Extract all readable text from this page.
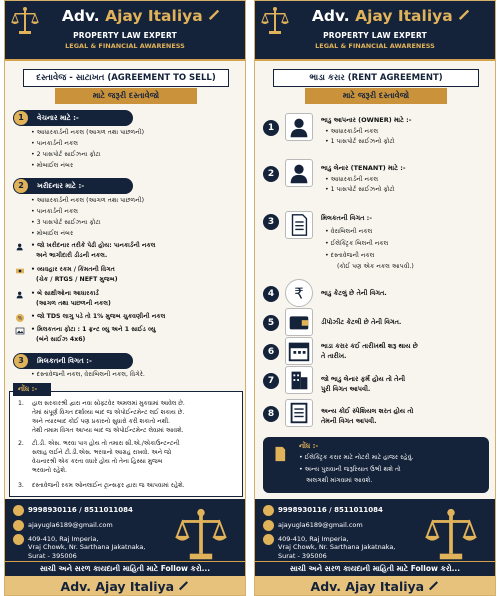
Adv. Ajay Italiya
PROPERTY LAW EXPERT
LEGAL & FINANCIAL AWARENESS
દસ્તાવેજ - સાટાખત (AGREEMENT TO SELL)
માટે જરૂરી દસ્તાવેજો
1	વેચનાર માટે :-
• આધારકાર્ડની નકલ (આગળ તથા પાછળની)
• પાનકાર્ડની નકલ
• 2 પાસપોર્ટ સાઈઝના ફોટા
• મોબાઈલ નંબર
2	ખરીદનાર માટે :-
• આધારકાર્ડની નકલ (આગળ તથા પાછળની)
• પાનકાર્ડની નકલ
• 3 પાસપોર્ટ સાઈઝના ફોટા
• મોબાઈલ નંબર
• જો ખરીદનાર તરીકે પેઢી હોય: પાનકાર્ડની નકલ
અને ભાગીદારી ડીડની નકલ.
• વ્યવહાર રકમ / કિંમતની વિગત
(ચેક / RTGS / NEFT મુજબ)
• બે સાક્ષીઓના આધારકાર્ડ
(આગળ તથા પાછળની નકલ)
%
•	જો TDS લાગુ પડે તો 1% મુજબ ચુકવણીની નકલ
• મિલકતના ફોટા : 1 ફ્રન્ટ વ્યુ અને 1 સાઈડ વ્યુ
(બંને સાઈઝ 4x6)
3	મિલકતની વિગત :-
• દસ્તાવેજની નકલ, વેરાબિલની નકલ, વિગેરે.
1. હાલ સરકારશ્રી દ્વારા નવા સોફ્ટવેર અમલમાં મુકવામાં આવેલ છે.
તેમાં સંપૂર્ણ વિગત દર્શાવ્યા બાદ જ એપોઈન્ટમેન્ટ લઈ શકાય છે.
અને ત્યારબાદ કોઈ પણ પ્રકારનો સુધારો કરી શકાતો નથી.
તેથી તમામ વિગત આપ્યા બાદ જ એપોઈન્ટમેન્ટ લેવામાં આવશે.
2. ટી.ડી. એસ. ભરવા પાત્ર હોય તો તમારા સી.એ./એકાઉન્ટન્ટની
સલાહ લઈને ટી.ડી.એસ. ભરવાનો આગ્રહ રાખવો. અને જો
વેચનારશ્રી એક કરતા વધારે હોય તો તેના હિસ્સા મુજબ
ભરવાનો રહેશે.
3. દસ્તાવેજની રકમ ઓનલાઈન ટ્રાન્સફર દ્વારા જ આપવામાં રહેશે.
નોંધ :-
9998930116 / 8511011084
ajayugla6189@gmail.com
409-410, Raj Imperia,
Vraj Chowk, Nr. Sarthana Jakatnaka,
Surat - 395006
સાચી અને સરળ કાયદાની માહિતી માટે Follow કરો...
Adv. Ajay Italiya
Adv. Ajay Italiya
PROPERTY LAW EXPERT
LEGAL & FINANCIAL AWARENESS
ભાડા કરાર (RENT AGREEMENT)
માટે જરૂરી દસ્તાવેજો
1
ભાડુ આપનાર (OWNER) માટે :-
• આધારકાર્ડની નકલ
• 1 પાસપોર્ટ સાઈઝનો ફોટો
2
ભાડુ લેનાર (TENANT) માટે :-
• આધારકાર્ડની નકલ
• 1 પાસપોર્ટ સાઈઝનો ફોટો
3	મિલકતની વિગત :-
• વેરાબિલની નકલ
• ઈલેક્ટ્રિક બિલની નકલ
• દસ્તાવેજની નકલ
(કોઈ પણ એક નકલ આપવી.)
4	₹	ભાડુ કેટલું છે તેની વિગત.
5	ડીપોઝીટ કેટલી છે તેની વિગત.
6
ભાડા કરાર કઈ તારીખથી શરૂ થાય છે
તે તારીખ.
7	જો ભાડુ લેનાર ફર્મ હોય તો તેની
પુરી વિગત આપવી.
8	અન્ય કોઈ સ્પેશિયલ શરત હોય તો
તેમની વિગત આપવી.
નોંધ :-
• ઈલેક્ટ્રિક કરાર માટે નોટરી માટે હાજર રહેવું.
• અન્ય પુરાવાની જરૂરિયાત ઉભી થશે તો
અલગથી માંગવામાં આવશે.
9998930116 / 8511011084
ajayugla6189@gmail.com
409-410, Raj Imperia,
Vraj Chowk, Nr. Sarthana Jakatnaka,
Surat - 395006
સાચી અને સરળ કાયદાની માહિતી માટે Follow કરો...
Adv. Ajay Italiya
